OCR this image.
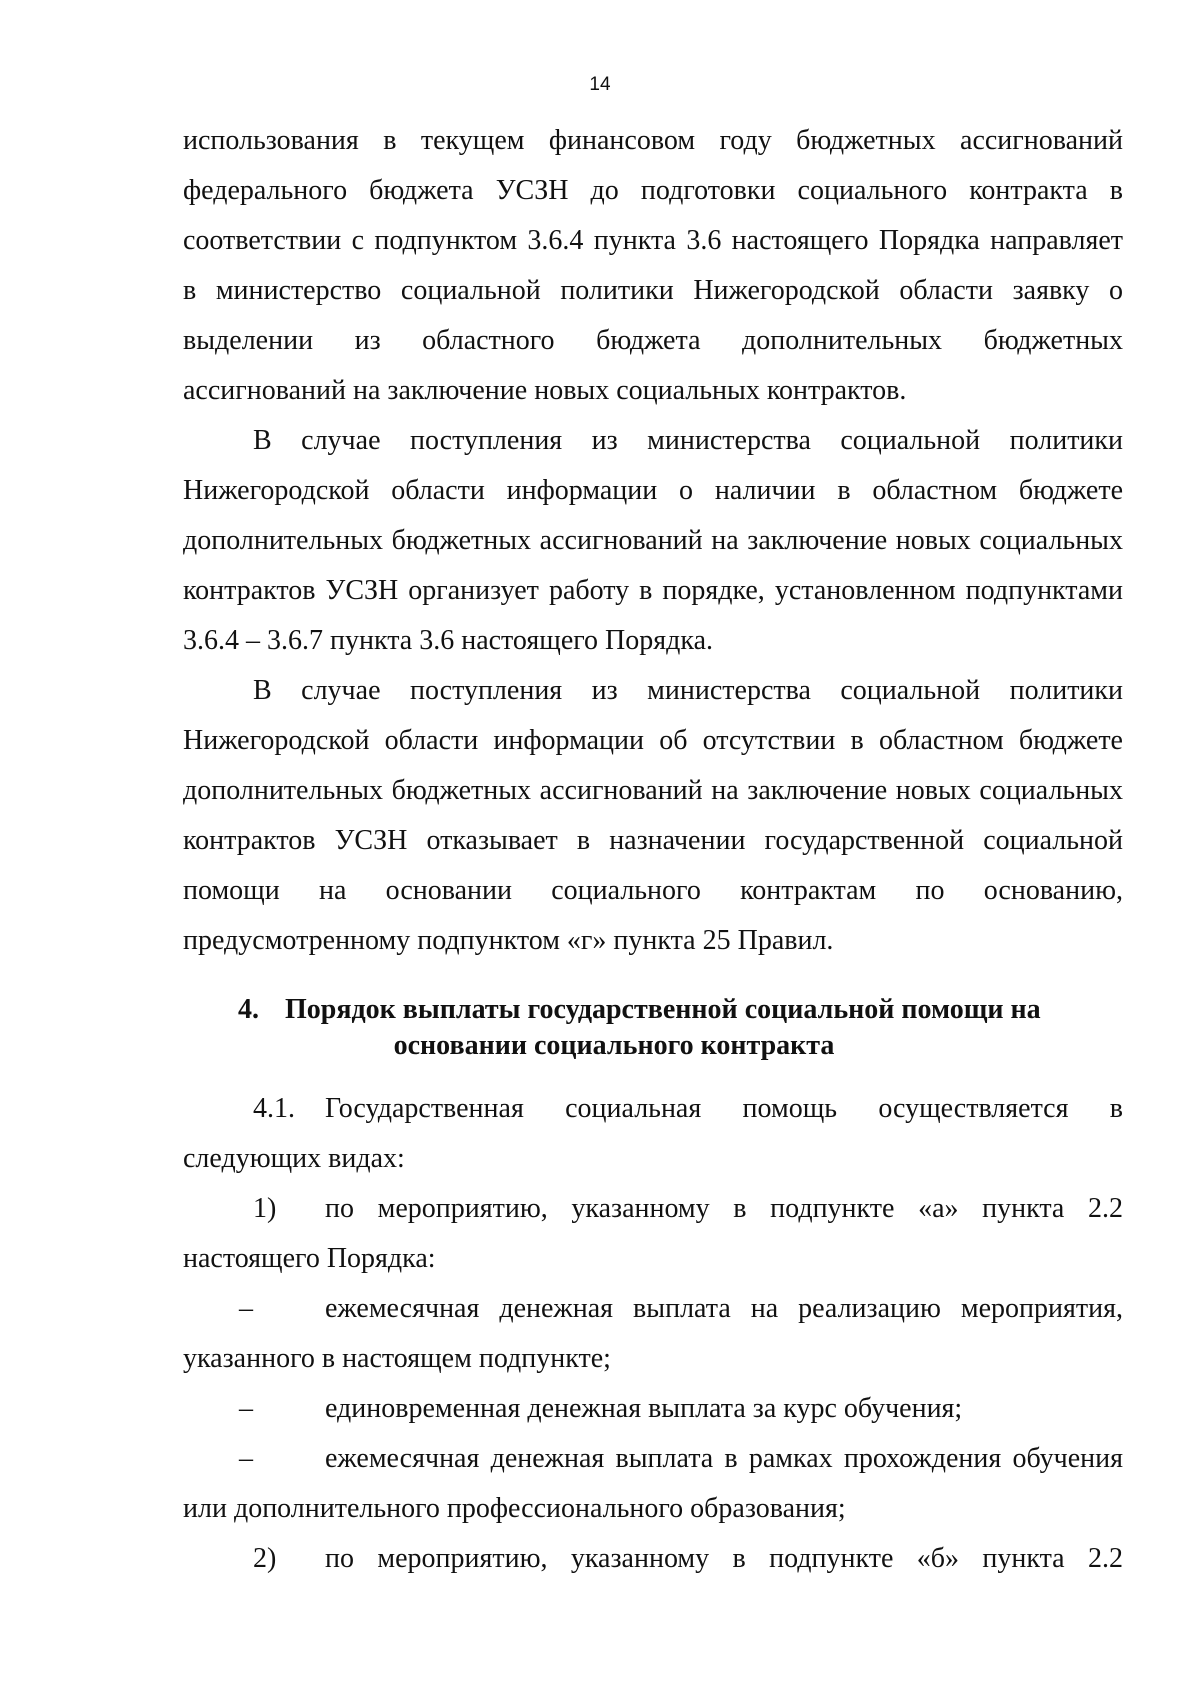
14
использования в текущем финансовом году бюджетных ассигнований
федерального бюджета УСЗН до подготовки социального контракта в
соответствии с подпунктом 3.6.4 пункта 3.6 настоящего Порядка направляет
в министерство социальной политики Нижегородской области заявку о
выделении из областного бюджета дополнительных бюджетных
ассигнований на заключение новых социальных контрактов.
В случае поступления из министерства социальной политики
Нижегородской области информации о наличии в областном бюджете
дополнительных бюджетных ассигнований на заключение новых социальных
контрактов УСЗН организует работу в порядке, установленном подпунктами
3.6.4 – 3.6.7 пункта 3.6 настоящего Порядка.
В случае поступления из министерства социальной политики
Нижегородской области информации об отсутствии в областном бюджете
дополнительных бюджетных ассигнований на заключение новых социальных
контрактов УСЗН отказывает в назначении государственной социальной
помощи на основании социального контрактам по основанию,
предусмотренному подпунктом «г» пункта 25 Правил.
4. Порядок выплаты государственной социальной помощи на
основании социального контракта
4.1.	Государственная социальная помощь осуществляется в
следующих видах:
1)	по мероприятию, указанному в подпункте «а» пункта 2.2
настоящего Порядка:
–	ежемесячная денежная выплата на реализацию мероприятия,
указанного в настоящем подпункте;
–	единовременная денежная выплата за курс обучения;
–	ежемесячная денежная выплата в рамках прохождения обучения
или дополнительного профессионального образования;
2)	по мероприятию, указанному в подпункте «б» пункта 2.2
